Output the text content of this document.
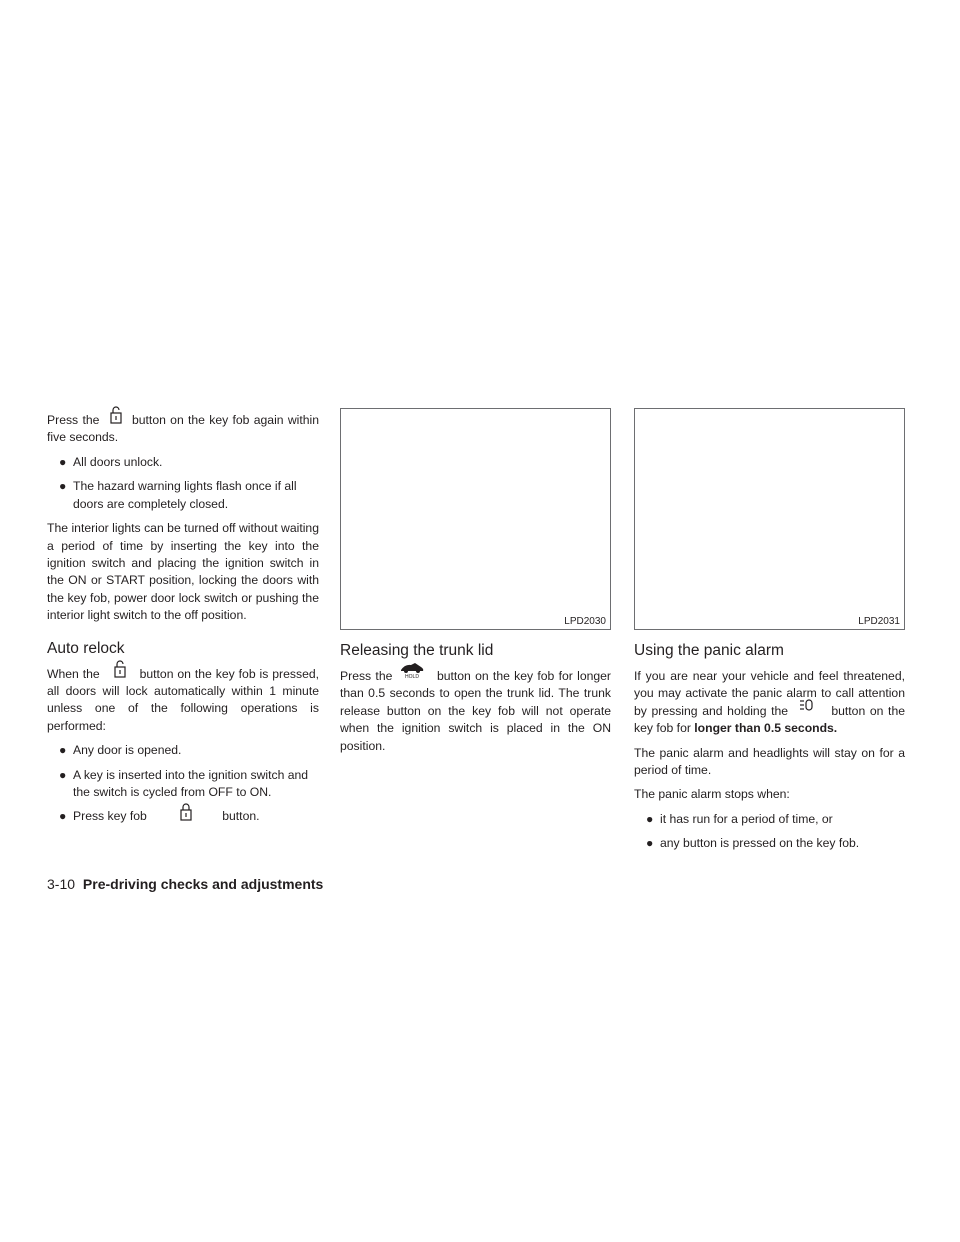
Press the	button on the key fob again within five seconds.

● All doors unlock.
● The hazard warning lights flash once if all doors are completely closed.

The interior lights can be turned off without waiting a period of time by inserting the key into the ignition switch and placing the ignition switch in the ON or START position, locking the doors with the key fob, power door lock switch or pushing the interior light switch to the off position.

Auto relock

When the	button on the key fob is pressed, all doors will lock automatically within 1 minute unless one of the following operations is performed:

● Any door is opened.
● A key is inserted into the ignition switch and the switch is cycled from OFF to ON.
● Press key fob	button.
LPD2030
Releasing the trunk lid

Press the HOLD button on the key fob for longer than 0.5 seconds to open the trunk lid. The trunk release button on the key fob will not operate when the ignition switch is placed in the ON position.

LPD2031
Using the panic alarm

If you are near your vehicle and feel threatened, you may activate the panic alarm to call attention by pressing and holding the	button on the key fob for longer than 0.5 seconds.

The panic alarm and headlights will stay on for a period of time.

The panic alarm stops when:

● it has run for a period of time, or
● any button is pressed on the key fob.
3-10 Pre-driving checks and adjustments
